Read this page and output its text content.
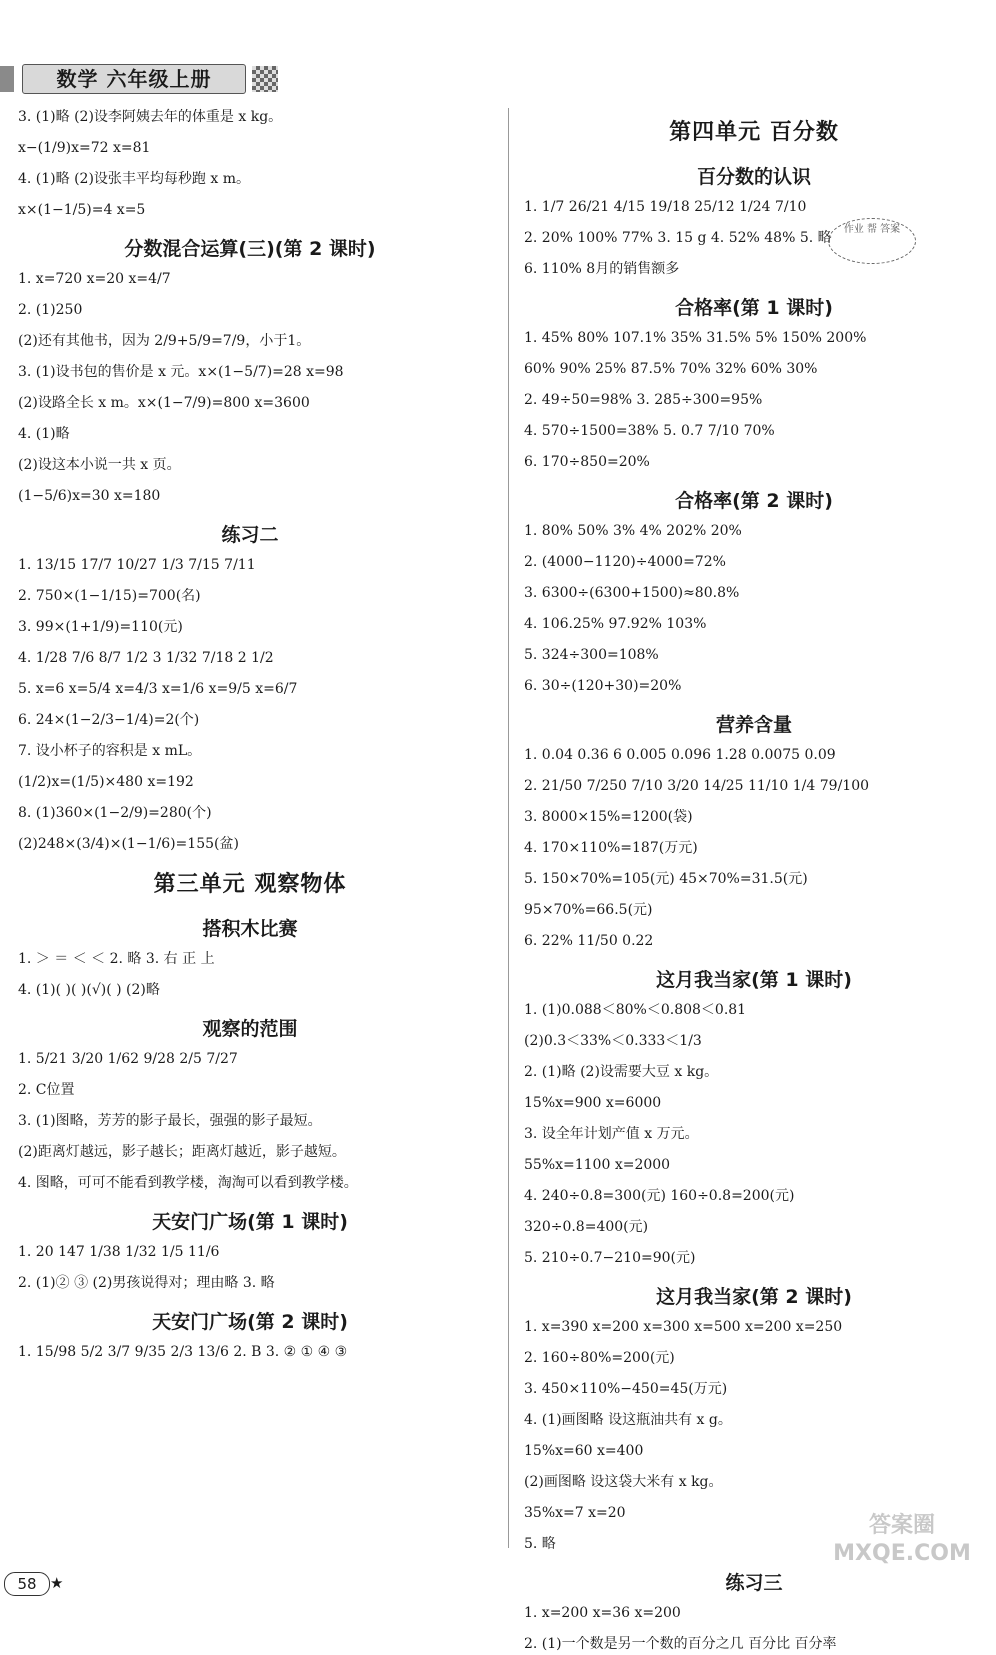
数学 六年级上册
3. (1)略 (2)设李阿姨去年的体重是 x kg。
x−(1/9)x=72 x=81
4. (1)略 (2)设张丰平均每秒跑 x m。
x×(1−1/5)=4 x=5
分数混合运算(三)(第 2 课时)
1. x=720 x=20 x=4/7
2. (1)250
(2)还有其他书，因为 2/9+5/9=7/9，小于1。
3. (1)设书包的售价是 x 元。x×(1−5/7)=28 x=98
(2)设路全长 x m。x×(1−7/9)=800 x=3600
4. (1)略
(2)设这本小说一共 x 页。
(1−5/6)x=30 x=180
练习二
1. 13/15 17/7 10/27 1/3 7/15 7/11
2. 750×(1−1/15)=700(名)
3. 99×(1+1/9)=110(元)
4. 1/28 7/6 8/7 1/2 3 1/32 7/18 2 1/2
5. x=6 x=5/4 x=4/3 x=1/6 x=9/5 x=6/7
6. 24×(1−2/3−1/4)=2(个)
7. 设小杯子的容积是 x mL。
(1/2)x=(1/5)×480 x=192
8. (1)360×(1−2/9)=280(个)
(2)248×(3/4)×(1−1/6)=155(盆)
第三单元 观察物体
搭积木比赛
1. ＞ ＝ ＜ ＜ 2. 略 3. 右 正 上
4. (1)( )( )(√)( ) (2)略
观察的范围
1. 5/21 3/20 1/62 9/28 2/5 7/27
2. C位置
3. (1)图略，芳芳的影子最长，强强的影子最短。
(2)距离灯越远，影子越长；距离灯越近，影子越短。
4. 图略，可可不能看到教学楼，淘淘可以看到教学楼。
天安门广场(第 1 课时)
1. 20 147 1/38 1/32 1/5 11/6
2. (1)② ③ (2)男孩说得对；理由略 3. 略
天安门广场(第 2 课时)
1. 15/98 5/2 3/7 9/35 2/3 13/6 2. B 3. ② ① ④ ③
第四单元 百分数
百分数的认识
1. 1/7 26/21 4/15 19/18 25/12 1/24 7/10
2. 20% 100% 77% 3. 15 g 4. 52% 48% 5. 略
6. 110% 8月的销售额多
合格率(第 1 课时)
1. 45% 80% 107.1% 35% 31.5% 5% 150% 200%
60% 90% 25% 87.5% 70% 32% 60% 30%
2. 49÷50=98% 3. 285÷300=95%
4. 570÷1500=38% 5. 0.7 7/10 70%
6. 170÷850=20%
合格率(第 2 课时)
1. 80% 50% 3% 4% 202% 20%
2. (4000−1120)÷4000=72%
3. 6300÷(6300+1500)≈80.8%
4. 106.25% 97.92% 103%
5. 324÷300=108%
6. 30÷(120+30)=20%
营养含量
1. 0.04 0.36 6 0.005 0.096 1.28 0.0075 0.09
2. 21/50 7/250 7/10 3/20 14/25 11/10 1/4 79/100
3. 8000×15%=1200(袋)
4. 170×110%=187(万元)
5. 150×70%=105(元) 45×70%=31.5(元)
95×70%=66.5(元)
6. 22% 11/50 0.22
这月我当家(第 1 课时)
1. (1)0.088＜80%＜0.808＜0.81
(2)0.3＜33%＜0.333＜1/3
2. (1)略 (2)设需要大豆 x kg。
15%x=900 x=6000
3. 设全年计划产值 x 万元。
55%x=1100 x=2000
4. 240÷0.8=300(元) 160÷0.8=200(元)
320÷0.8=400(元)
5. 210÷0.7−210=90(元)
这月我当家(第 2 课时)
1. x=390 x=200 x=300 x=500 x=200 x=250
2. 160÷80%=200(元)
3. 450×110%−450=45(万元)
4. (1)画图略 设这瓶油共有 x g。
15%x=60 x=400
(2)画图略 设这袋大米有 x kg。
35%x=7 x=20
5. 略
练习三
1. x=200 x=36 x=200
2. (1)一个数是另一个数的百分之几 百分比 百分率
作业 帮 答案
答案圈 MXQE.COM
58 ★
